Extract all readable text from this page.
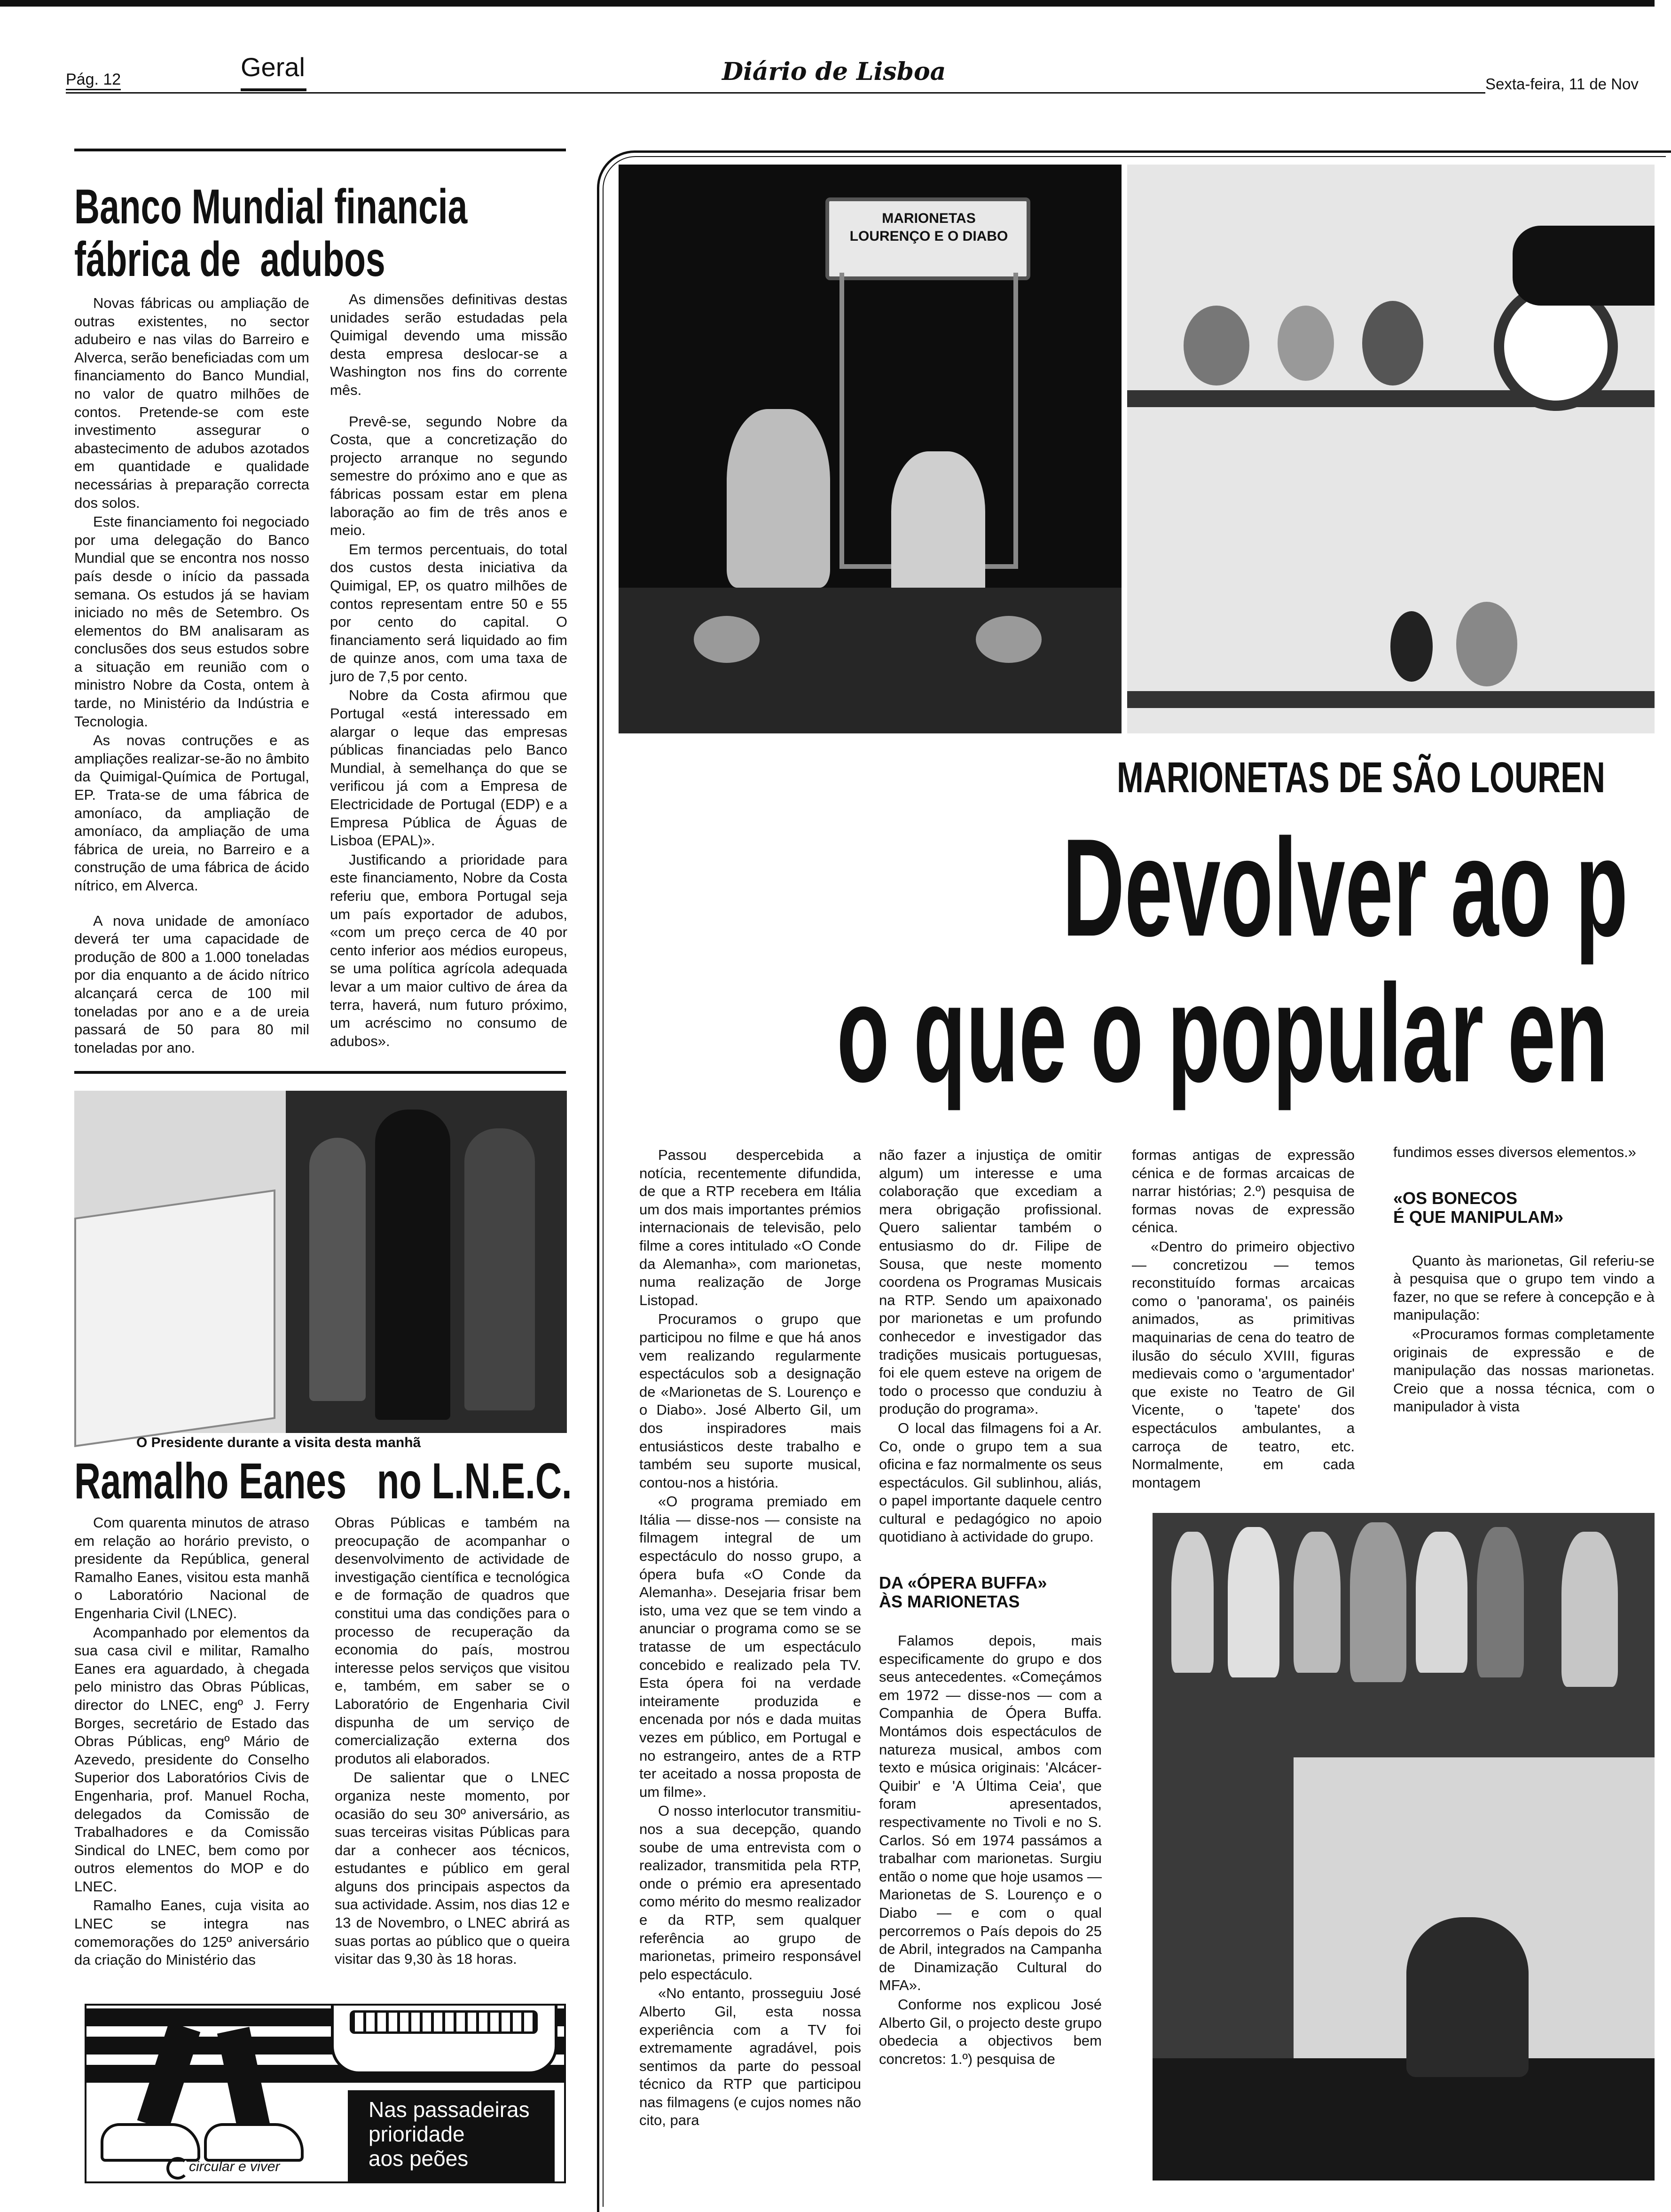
Pág. 12	Geral	Diário de Lisboa	Sexta-feira, 11 de Nov
Banco Mundial financia
fábrica de  adubos

Novas fábricas ou ampliação de outras existentes, no sector adubeiro e nas vilas do Barreiro e Alverca, serão beneficiadas com um financiamento do Banco Mundial, no valor de quatro milhões de contos. Pretende-se com este investimento assegurar o abastecimento de adubos azotados em quantidade e qualidade necessárias à preparação correcta dos solos.

Este financiamento foi negociado por uma delegação do Banco Mundial que se encontra nos nosso país desde o início da passada semana. Os estudos já se haviam iniciado no mês de Setembro. Os elementos do BM analisaram as conclusões dos seus estudos sobre a situação em reunião com o ministro Nobre da Costa, ontem à tarde, no Ministério da Indústria e Tecnologia.

As novas contruções e as ampliações realizar-se-ão no âmbito da Quimigal-Química de Portugal, EP. Trata-se de uma fábrica de amoníaco, da ampliação de amoníaco, da ampliação de uma fábrica de ureia, no Barreiro e a construção de uma fábrica de ácido nítrico, em Alverca.

A nova unidade de amoníaco deverá ter uma capacidade de produção de 800 a 1.000 toneladas por dia enquanto a de ácido nítrico alcançará cerca de 100 mil toneladas por ano e a de ureia passará de 50 para 80 mil toneladas por ano.

As dimensões definitivas destas unidades serão estudadas pela Quimigal devendo uma missão desta empresa deslocar-se a Washington nos fins do corrente mês.

Prevê-se, segundo Nobre da Costa, que a concretização do projecto arranque no segundo semestre do próximo ano e que as fábricas possam estar em plena laboração ao fim de três anos e meio.

Em termos percentuais, do total dos custos desta iniciativa da Quimigal, EP, os quatro milhões de contos representam entre 50 e 55 por cento do capital. O financiamento será liquidado ao fim de quinze anos, com uma taxa de juro de 7,5 por cento.

Nobre da Costa afirmou que Portugal «está interessado em alargar o leque das empresas públicas financiadas pelo Banco Mundial, à semelhança do que se verificou já com a Empresa de Electricidade de Portugal (EDP) e a Empresa Pública de Águas de Lisboa (EPAL)».

Justificando a prioridade para este financiamento, Nobre da Costa referiu que, embora Portugal seja um país exportador de adubos, «com um preço cerca de 40 por cento inferior aos médios europeus, se uma política agrícola adequada levar a um maior cultivo de área da terra, haverá, num futuro próximo, um acréscimo no consumo de adubos».

O Presidente durante a visita desta manhã
Ramalho Eanes   no L.N.E.C.

Com quarenta minutos de atraso em relação ao horário previsto, o presidente da República, general Ramalho Eanes, visitou esta manhã o Laboratório Nacional de Engenharia Civil (LNEC).

Acompanhado por elementos da sua casa civil e militar, Ramalho Eanes era aguardado, à chegada pelo ministro das Obras Públicas, director do LNEC, engº J. Ferry Borges, secretário de Estado das Obras Públicas, engº Mário de Azevedo, presidente do Conselho Superior dos Laboratórios Civis de Engenharia, prof. Manuel Rocha, delegados da Comissão de Trabalhadores e da Comissão Sindical do LNEC, bem como por outros elementos do MOP e do LNEC.

Ramalho Eanes, cuja visita ao LNEC se integra nas comemorações do 125º aniversário da criação do Ministério das

Obras Públicas e também na preocupação de acompanhar o desenvolvimento de actividade de investigação científica e tecnológica e de formação de quadros que constitui uma das condições para o processo de recuperação da economia do país, mostrou interesse pelos serviços que visitou e, também, em saber se o Laboratório de Engenharia Civil dispunha de um serviço de comercialização externa dos produtos ali elaborados.

De salientar que o LNEC organiza neste momento, por ocasião do seu 30º aniversário, as suas terceiras visitas Públicas para dar a conhecer aos técnicos, estudantes e público em geral alguns dos principais aspectos da sua actividade. Assim, nos dias 12 e 13 de Novembro, o LNEC abrirá as suas portas ao público que o queira visitar das 9,30 às 18 horas.

Nas passadeiras
prioridade
aos peões
circular e viver
MARIONETAS
LOURENÇO E O DIABO
MARIONETAS DE SÃO LOUREN
Devolver ao p
o que o popular en

Passou despercebida a notícia, recentemente difundida, de que a RTP recebera em Itália um dos mais importantes prémios internacionais de televisão, pelo filme a cores intitulado «O Conde da Alemanha», com marionetas, numa realização de Jorge Listopad.

Procuramos o grupo que participou no filme e que há anos vem realizando regularmente espectáculos sob a designação de «Marionetas de S. Lourenço e o Diabo». José Alberto Gil, um dos inspiradores mais entusiásticos deste trabalho e também seu suporte musical, contou-nos a história.

«O programa premiado em Itália — disse-nos — consiste na filmagem integral de um espectáculo do nosso grupo, a ópera bufa «O Conde da Alemanha». Desejaria frisar bem isto, uma vez que se tem vindo a anunciar o programa como se se tratasse de um espectáculo concebido e realizado pela TV. Esta ópera foi na verdade inteiramente produzida e encenada por nós e dada muitas vezes em público, em Portugal e no estrangeiro, antes de a RTP ter aceitado a nossa proposta de um filme».

O nosso interlocutor transmitiu-nos a sua decepção, quando soube de uma entrevista com o realizador, transmitida pela RTP, onde o prémio era apresentado como mérito do mesmo realizador e da RTP, sem qualquer referência ao grupo de marionetas, primeiro responsável pelo espectáculo.

«No entanto, prosseguiu José Alberto Gil, esta nossa experiência com a TV foi extremamente agradável, pois sentimos da parte do pessoal técnico da RTP que participou nas filmagens (e cujos nomes não cito, para

não fazer a injustiça de omitir algum) um interesse e uma colaboração que excediam a mera obrigação profissional. Quero salientar também o entusiasmo do dr. Filipe de Sousa, que neste momento coordena os Programas Musicais na RTP. Sendo um apaixonado por marionetas e um profundo conhecedor e investigador das tradições musicais portuguesas, foi ele quem esteve na origem de todo o processo que conduziu à produção do programa».

O local das filmagens foi a Ar. Co, onde o grupo tem a sua oficina e faz normalmente os seus espectáculos. Gil sublinhou, aliás, o papel importante daquele centro cultural e pedagógico no apoio quotidiano à actividade do grupo.

DA «ÓPERA BUFFA»
ÀS MARIONETAS

Falamos depois, mais especificamente do grupo e dos seus antecedentes. «Começámos em 1972 — disse-nos — com a Companhia de Ópera Buffa. Montámos dois espectáculos de natureza musical, ambos com texto e música originais: 'Alcácer-Quibir' e 'A Última Ceia', que foram apresentados, respectivamente no Tivoli e no S. Carlos. Só em 1974 passámos a trabalhar com marionetas. Surgiu então o nome que hoje usamos — Marionetas de S. Lourenço e o Diabo — e com o qual percorremos o País depois do 25 de Abril, integrados na Campanha de Dinamização Cultural do MFA».

Conforme nos explicou José Alberto Gil, o projecto deste grupo obedecia a objectivos bem concretos: 1.º) pesquisa de

formas antigas de expressão cénica e de formas arcaicas de narrar histórias; 2.º) pesquisa de formas novas de expressão cénica.

«Dentro do primeiro objectivo — concretizou — temos reconstituído formas arcaicas como o 'panorama', os painéis animados, as primitivas maquinarias de cena do teatro de ilusão do século XVIII, figuras medievais como o 'argumentador' que existe no Teatro de Gil Vicente, o 'tapete' dos espectáculos ambulantes, a carroça de teatro, etc. Normalmente, em cada montagem

fundimos esses diversos elementos.»

«OS BONECOS
É QUE MANIPULAM»

Quanto às marionetas, Gil referiu-se à pesquisa que o grupo tem vindo a fazer, no que se refere à concepção e à manipulação:

«Procuramos formas completamente originais de expressão e de manipulação das nossas marionetas. Creio que a nossa técnica, com o manipulador à vista
